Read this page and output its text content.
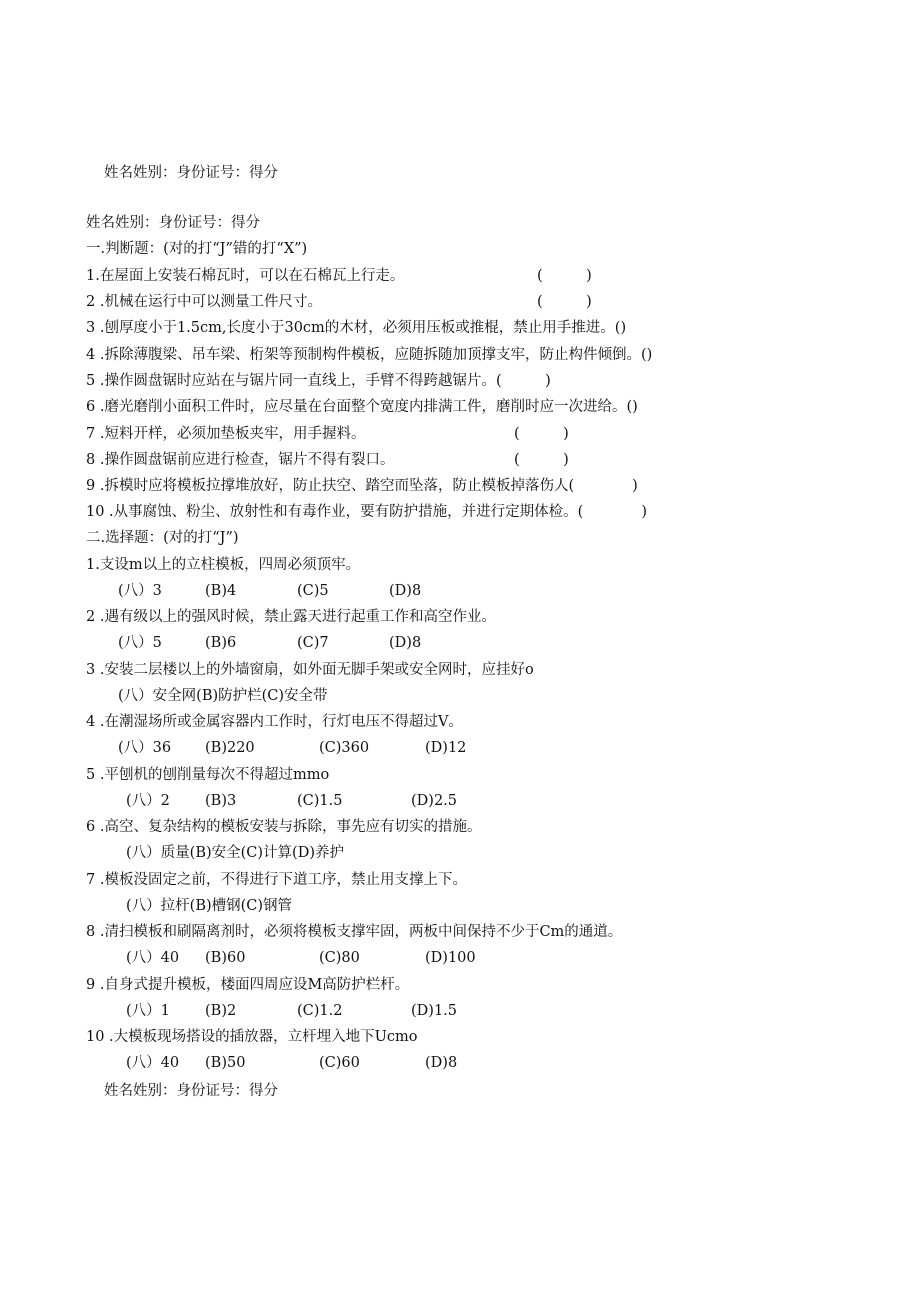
姓名姓别：身份证号：得分
姓名姓别：身份证号：得分
一.判断题：(对的打“J”错的打“X”)
1.在屋面上安装石棉瓦时，可以在石棉瓦上行走。	(　　　)
2 .机械在运行中可以测量工件尺寸。	(　　　)
3 .刨厚度小于1.5cm,长度小于30cm的木材，必须用压板或推棍，禁止用手推进。()
4 .拆除薄腹梁、吊车梁、桁架等预制构件模板，应随拆随加顶撑支牢，防止构件倾倒。()
5 .操作圆盘锯时应站在与锯片同一直线上，手臂不得跨越锯片。(　　　)
6 .磨光磨削小面积工件时，应尽量在台面整个宽度内排满工件，磨削时应一次进给。()
7 .短料开样，必须加垫板夹牢，用手握料。	(　　　)
8 .操作圆盘锯前应进行检查，锯片不得有裂口。	(　　　)
9 .拆模时应将模板拉撑堆放好，防止扶空、踏空而坠落，防止模板掉落伤人(　　　　)
10 .从事腐蚀、粉尘、放射性和有毒作业，要有防护措施，并进行定期体检。(　　　　)
二.选择题：(对的打“J”)
1.支设m以上的立柱模板，四周必须顶牢。
(八）3	(B)4	(C)5	(D)8
2 .遇有级以上的强风时候，禁止露天进行起重工作和高空作业。
(八）5	(B)6	(C)7	(D)8
3 .安装二层楼以上的外墙窗扇，如外面无脚手架或安全网时，应挂好o
(八）安全网(B)防护栏(C)安全带
4 .在潮湿场所或金属容器内工作时，行灯电压不得超过V。
(八）36 (B)220	(C)360	(D)12
5 .平刨机的刨削量每次不得超过mmo
(八）2 (B)3	(C)1.5	(D)2.5
6 .高空、复杂结构的模板安装与拆除，事先应有切实的措施。
(八）质量(B)安全(C)计算(D)养护
7 .模板没固定之前，不得进行下道工序，禁止用支撑上下。
(八）拉杆(B)槽钢(C)钢管
8 .清扫模板和刷隔离剂时，必须将模板支撑牢固，两板中间保持不少于Cm的通道。
(八）40 (B)60	(C)80	(D)100
9 .自身式提升模板，楼面四周应设M高防护栏杆。
(八）1 (B)2	(C)1.2	(D)1.5
10 .大模板现场搭设的插放器，立杆埋入地下Ucmo
(八）40 (B)50	(C)60	(D)8
姓名姓别：身份证号：得分
